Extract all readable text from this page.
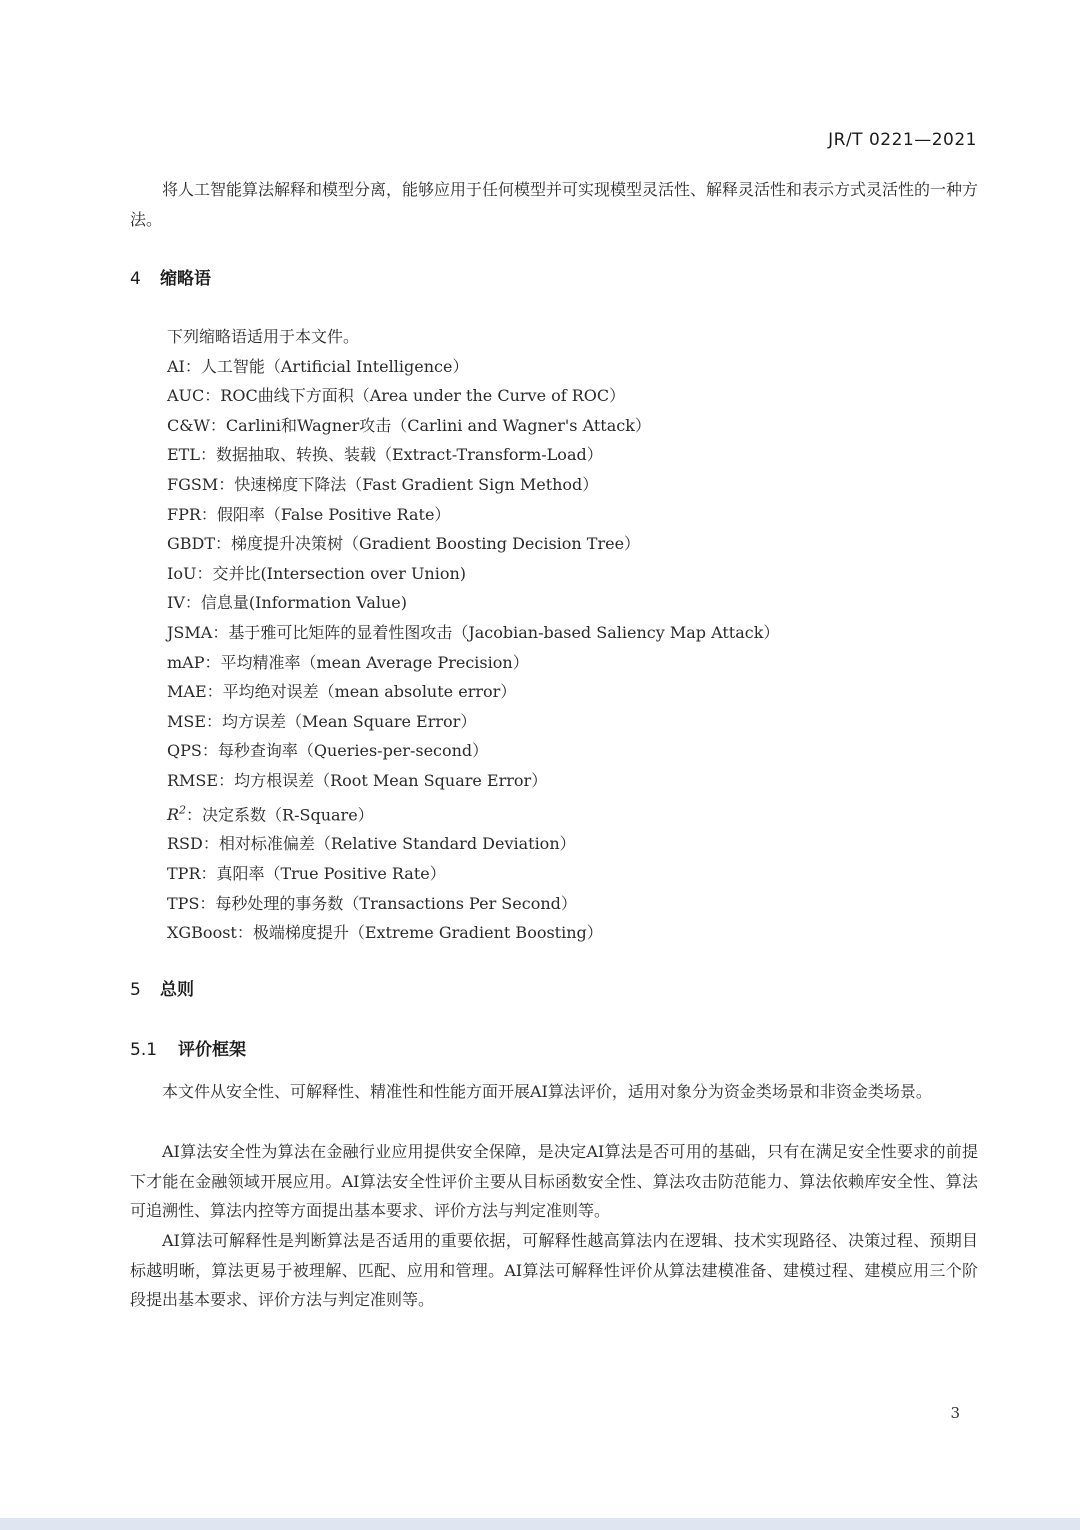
JR/T 0221—2021

将人工智能算法解释和模型分离，能够应用于任何模型并可实现模型灵活性、解释灵活性和表示方式灵活性的一种方法。

4 缩略语
下列缩略语适用于本文件。
AI：人工智能（Artificial Intelligence）
AUC：ROC曲线下方面积（Area under the Curve of ROC）
C&W：Carlini和Wagner攻击（Carlini and Wagner's Attack）
ETL：数据抽取、转换、装载（Extract-Transform-Load）
FGSM：快速梯度下降法（Fast Gradient Sign Method）
FPR：假阳率（False Positive Rate）
GBDT：梯度提升决策树（Gradient Boosting Decision Tree）
IoU：交并比(Intersection over Union)
IV：信息量(Information Value)
JSMA：基于雅可比矩阵的显着性图攻击（Jacobian-based Saliency Map Attack）
mAP：平均精准率（mean Average Precision）
MAE：平均绝对误差（mean absolute error）
MSE：均方误差（Mean Square Error）
QPS：每秒查询率（Queries-per-second）
RMSE：均方根误差（Root Mean Square Error）
$R^2$：决定系数（R-Square）
RSD：相对标准偏差（Relative Standard Deviation）
TPR：真阳率（True Positive Rate）
TPS：每秒处理的事务数（Transactions Per Second）
XGBoost：极端梯度提升（Extreme Gradient Boosting）
5 总则
5.1 评价框架

本文件从安全性、可解释性、精准性和性能方面开展AI算法评价，适用对象分为资金类场景和非资金类场景。

AI算法安全性为算法在金融行业应用提供安全保障，是决定AI算法是否可用的基础，只有在满足安全性要求的前提下才能在金融领域开展应用。AI算法安全性评价主要从目标函数安全性、算法攻击防范能力、算法依赖库安全性、算法可追溯性、算法内控等方面提出基本要求、评价方法与判定准则等。

AI算法可解释性是判断算法是否适用的重要依据，可解释性越高算法内在逻辑、技术实现路径、决策过程、预期目标越明晰，算法更易于被理解、匹配、应用和管理。AI算法可解释性评价从算法建模准备、建模过程、建模应用三个阶段提出基本要求、评价方法与判定准则等。

3
